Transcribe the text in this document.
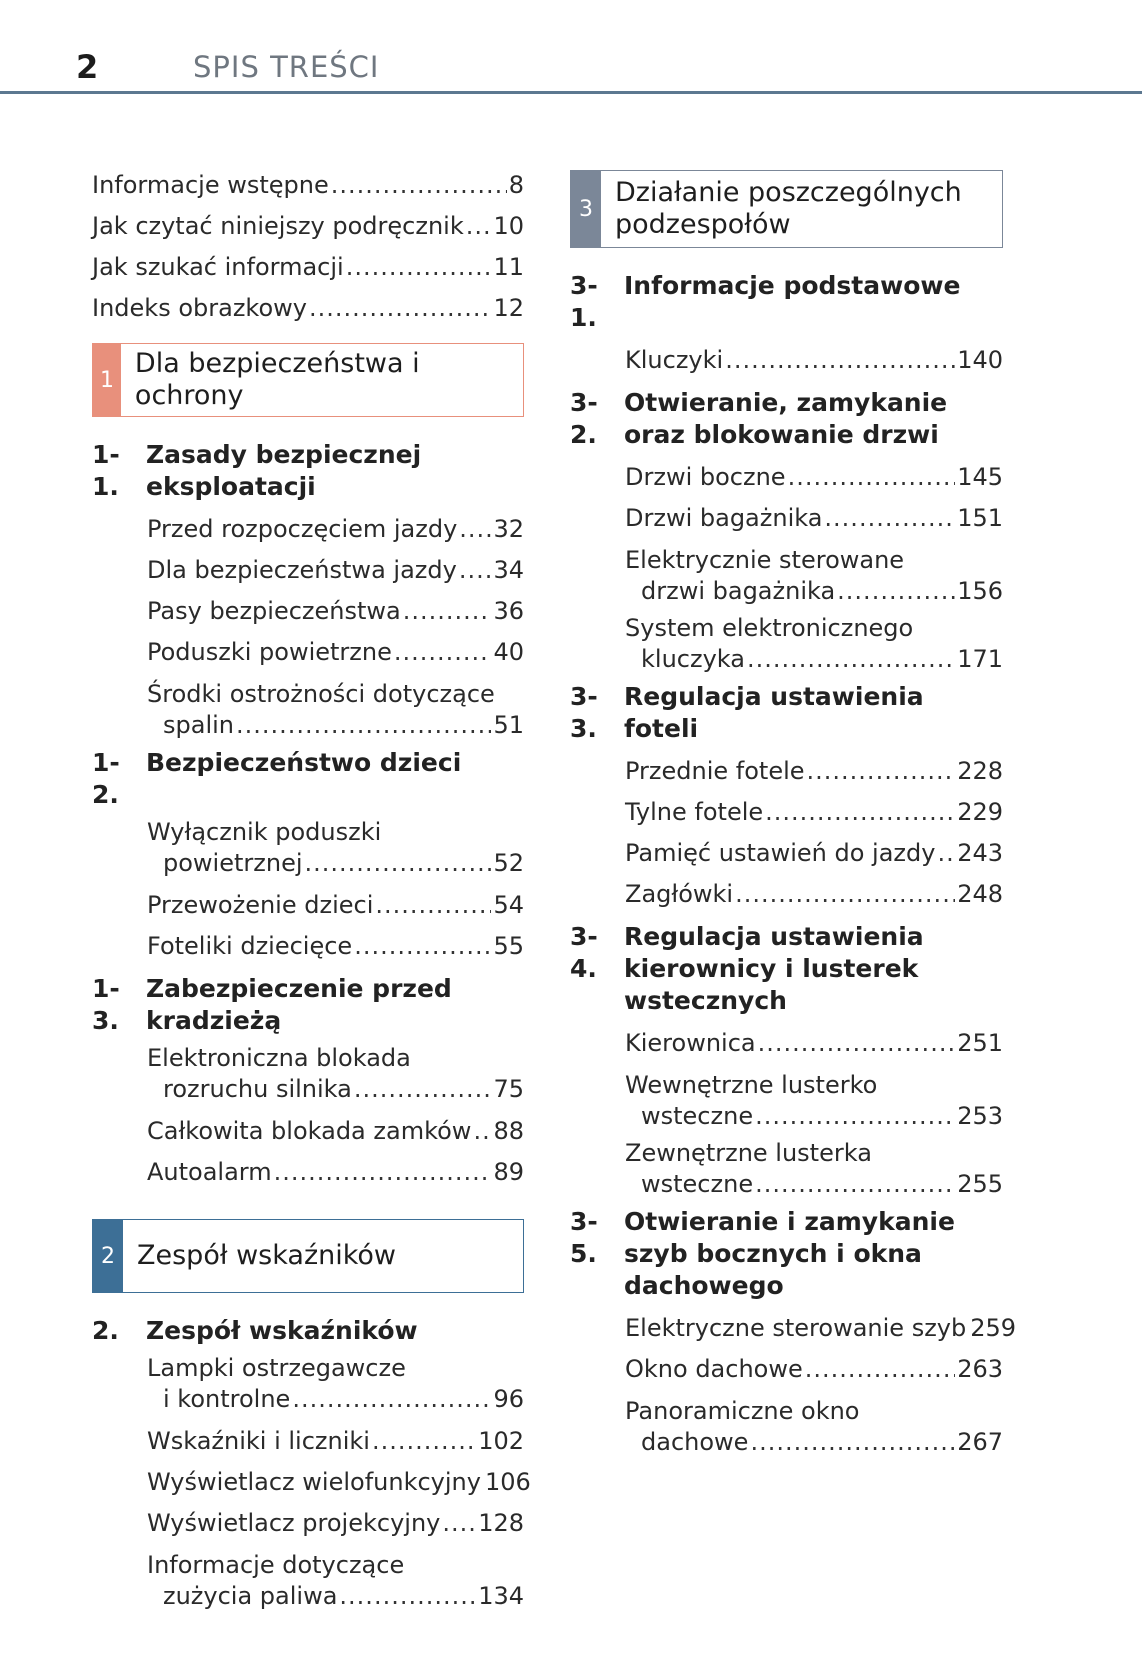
2	SPIS TREŚCI
Informacje wstępne .....	8
Jak czytać niniejszy podręcznik ..... 10
Jak szukać informacji .....	11
Indeks obrazkowy .....	12
1
Dla bezpieczeństwa i ochrony
1-1.
Zasady bezpiecznej eksploatacji
Przed rozpoczęciem jazdy ..... 32
Dla bezpieczeństwa jazdy ..... 34
Pasy bezpieczeństwa .....	36
Poduszki powietrzne .....	40
Środki ostrożności dotyczące
spalin .....	51
1-2.
Bezpieczeństwo dzieci
Wyłącznik poduszki
powietrznej .....	52
Przewożenie dzieci .....	54
Foteliki dziecięce .....	55
1-3.
Zabezpieczenie przed kradzieżą
Elektroniczna blokada
rozruchu silnika .....	75
Całkowita blokada zamków ..... 88
Autoalarm .....	89
2 Zespół wskaźników
2.	Zespół wskaźników
Lampki ostrzegawcze
i kontrolne .....	96
Wskaźniki i liczniki .....	102
Wyświetlacz wielofunkcyjny 106
Wyświetlacz projekcyjny ..... 128
Informacje dotyczące
zużycia paliwa .....	134
3
Działanie poszczególnych
podzespołów
3-1.
Informacje podstawowe
Kluczyki .....	140
3-2.
Otwieranie, zamykanie oraz blokowanie drzwi
Drzwi boczne .....	145
Drzwi bagażnika .....	151
Elektrycznie sterowane
drzwi bagażnika .....	156
System elektronicznego
kluczyka .....	171
3-3.
Regulacja ustawienia foteli
Przednie fotele .....	228
Tylne fotele .....	229
Pamięć ustawień do jazdy ..... 243
Zagłówki .....	248
3-4.
Regulacja ustawienia kierownicy i lusterek wstecznych
Kierownica .....	251
Wewnętrzne lusterko
wsteczne .....	253
Zewnętrzne lusterka
wsteczne .....	255
3-5.
Otwieranie i zamykanie szyb bocznych i okna dachowego
Elektryczne sterowanie szyb 259
Okno dachowe .....	263
Panoramiczne okno
dachowe .....	267
